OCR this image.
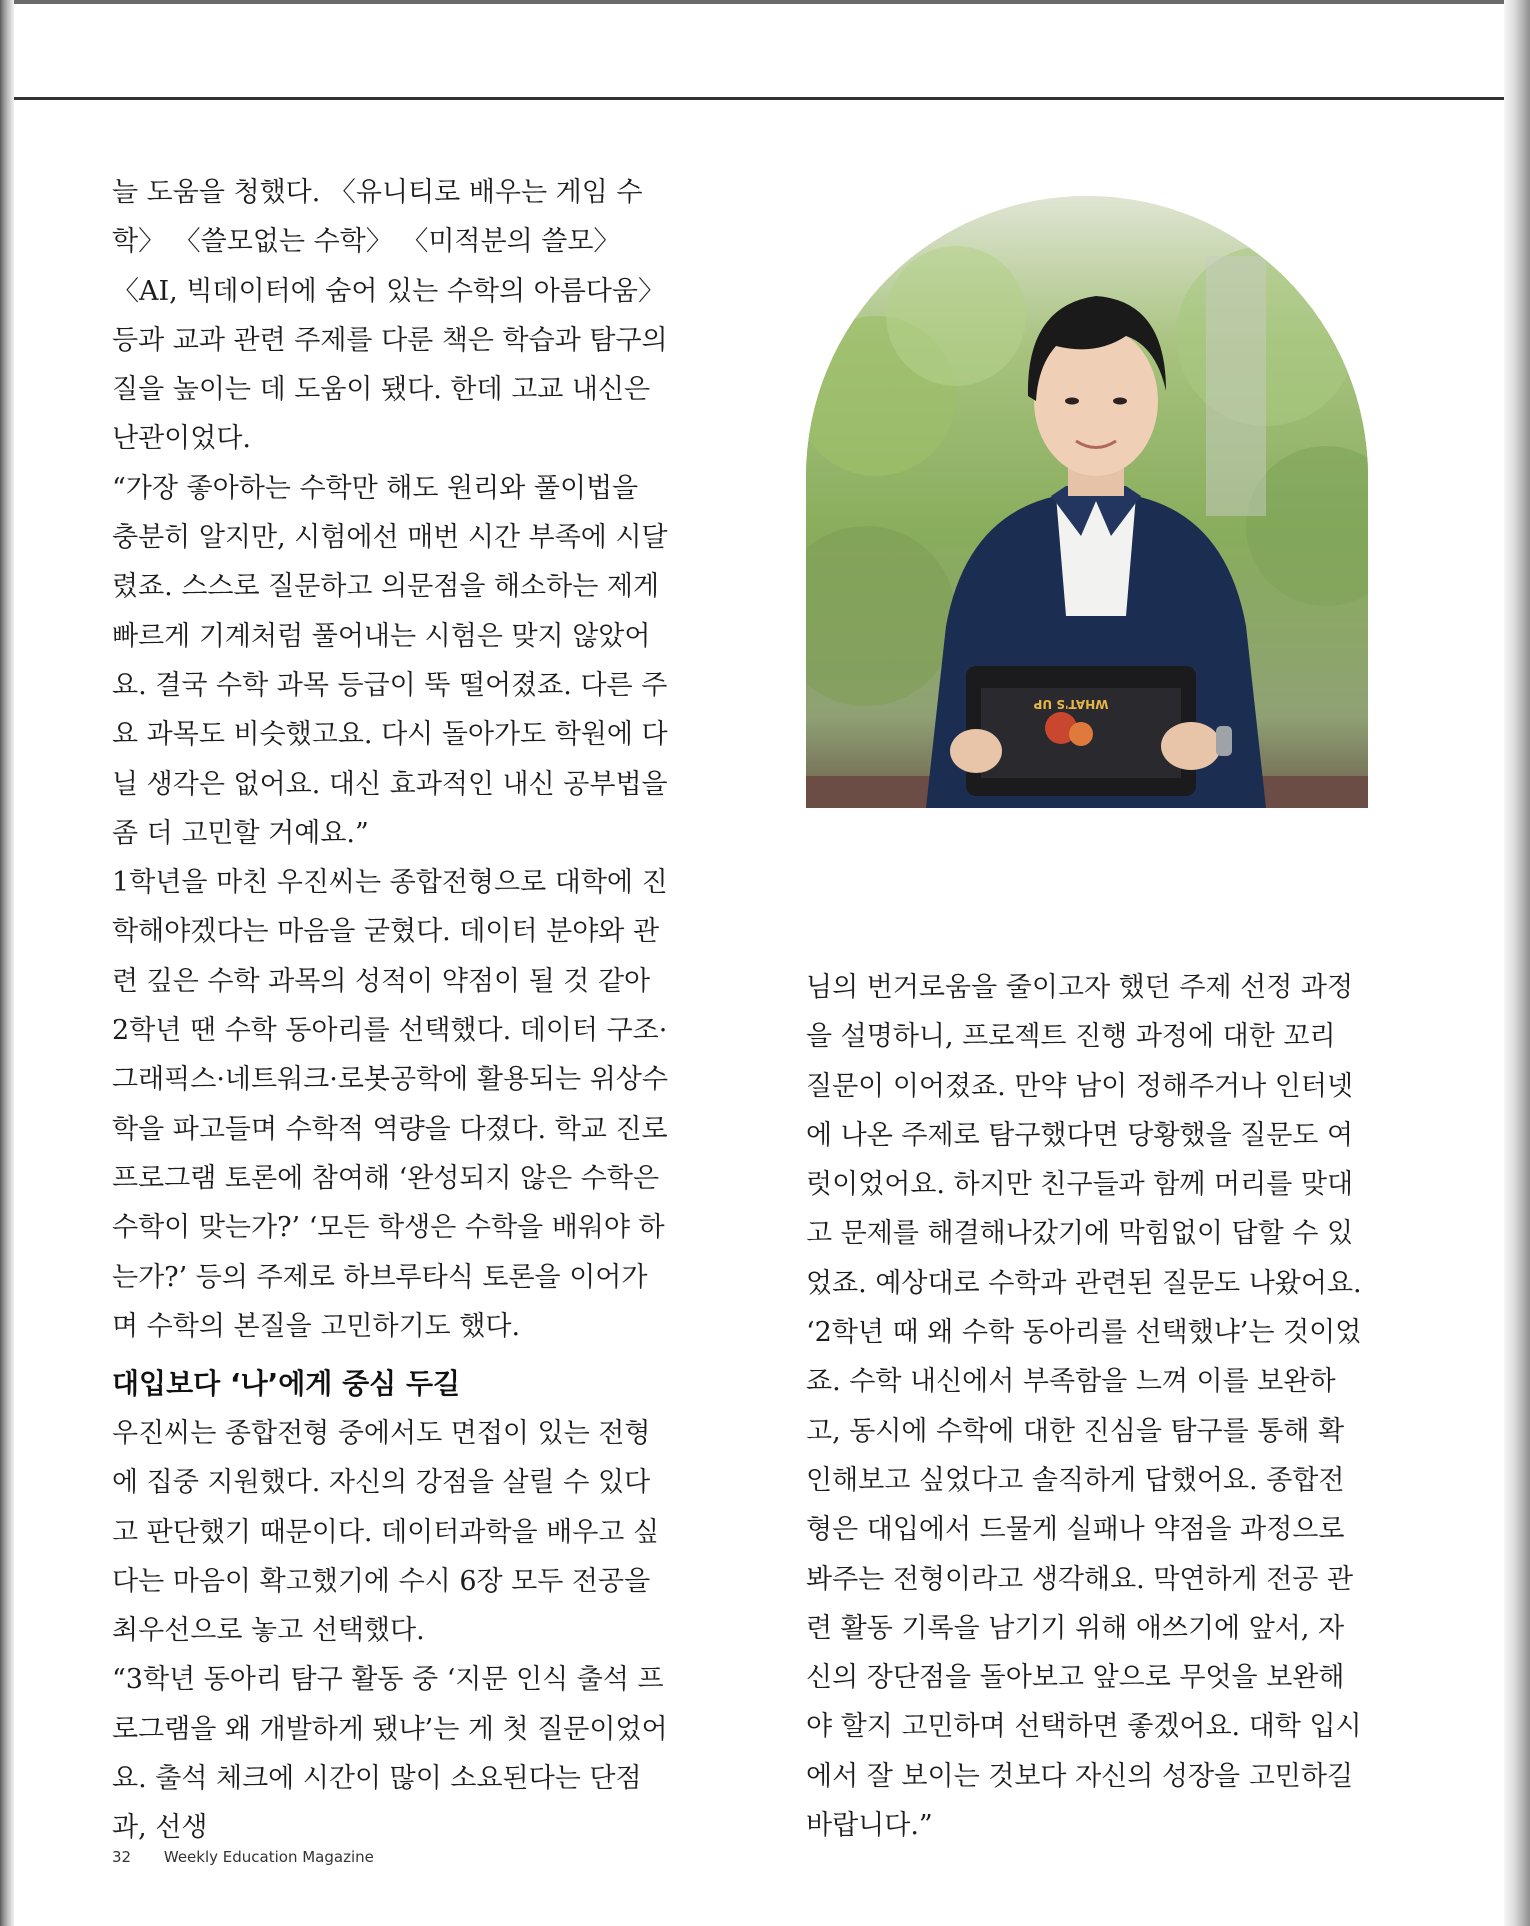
늘 도움을 청했다. 〈유니티로 배우는 게임 수학〉 〈쓸모없는 수학〉 〈미적분의 쓸모〉 〈AI, 빅데이터에 숨어 있는 수학의 아름다움〉 등과 교과 관련 주제를 다룬 책은 학습과 탐구의 질을 높이는 데 도움이 됐다. 한데 고교 내신은 난관이었다.

“가장 좋아하는 수학만 해도 원리와 풀이법을 충분히 알지만, 시험에선 매번 시간 부족에 시달렸죠. 스스로 질문하고 의문점을 해소하는 제게 빠르게 기계처럼 풀어내는 시험은 맞지 않았어요. 결국 수학 과목 등급이 뚝 떨어졌죠. 다른 주요 과목도 비슷했고요. 다시 돌아가도 학원에 다닐 생각은 없어요. 대신 효과적인 내신 공부법을 좀 더 고민할 거예요.”

1학년을 마친 우진씨는 종합전형으로 대학에 진학해야겠다는 마음을 굳혔다. 데이터 분야와 관련 깊은 수학 과목의 성적이 약점이 될 것 같아 2학년 땐 수학 동아리를 선택했다. 데이터 구조·그래픽스·네트워크·로봇공학에 활용되는 위상수학을 파고들며 수학적 역량을 다졌다. 학교 진로 프로그램 토론에 참여해 ‘완성되지 않은 수학은 수학이 맞는가?’ ‘모든 학생은 수학을 배워야 하는가?’ 등의 주제로 하브루타식 토론을 이어가며 수학의 본질을 고민하기도 했다.

대입보다 ‘나’에게 중심 두길

우진씨는 종합전형 중에서도 면접이 있는 전형에 집중 지원했다. 자신의 강점을 살릴 수 있다고 판단했기 때문이다. 데이터과학을 배우고 싶다는 마음이 확고했기에 수시 6장 모두 전공을 최우선으로 놓고 선택했다.

“3학년 동아리 탐구 활동 중 ‘지문 인식 출석 프로그램을 왜 개발하게 됐냐’는 게 첫 질문이었어요. 출석 체크에 시간이 많이 소요된다는 단점과, 선생

WHAT'S UP

님의 번거로움을 줄이고자 했던 주제 선정 과정을 설명하니, 프로젝트 진행 과정에 대한 꼬리 질문이 이어졌죠. 만약 남이 정해주거나 인터넷에 나온 주제로 탐구했다면 당황했을 질문도 여럿이었어요. 하지만 친구들과 함께 머리를 맞대고 문제를 해결해나갔기에 막힘없이 답할 수 있었죠. 예상대로 수학과 관련된 질문도 나왔어요. ‘2학년 때 왜 수학 동아리를 선택했냐’는 것이었죠. 수학 내신에서 부족함을 느껴 이를 보완하고, 동시에 수학에 대한 진심을 탐구를 통해 확인해보고 싶었다고 솔직하게 답했어요. 종합전형은 대입에서 드물게 실패나 약점을 과정으로 봐주는 전형이라고 생각해요. 막연하게 전공 관련 활동 기록을 남기기 위해 애쓰기에 앞서, 자신의 장단점을 돌아보고 앞으로 무엇을 보완해야 할지 고민하며 선택하면 좋겠어요. 대학 입시에서 잘 보이는 것보다 자신의 성장을 고민하길 바랍니다.”

32 Weekly Education Magazine
